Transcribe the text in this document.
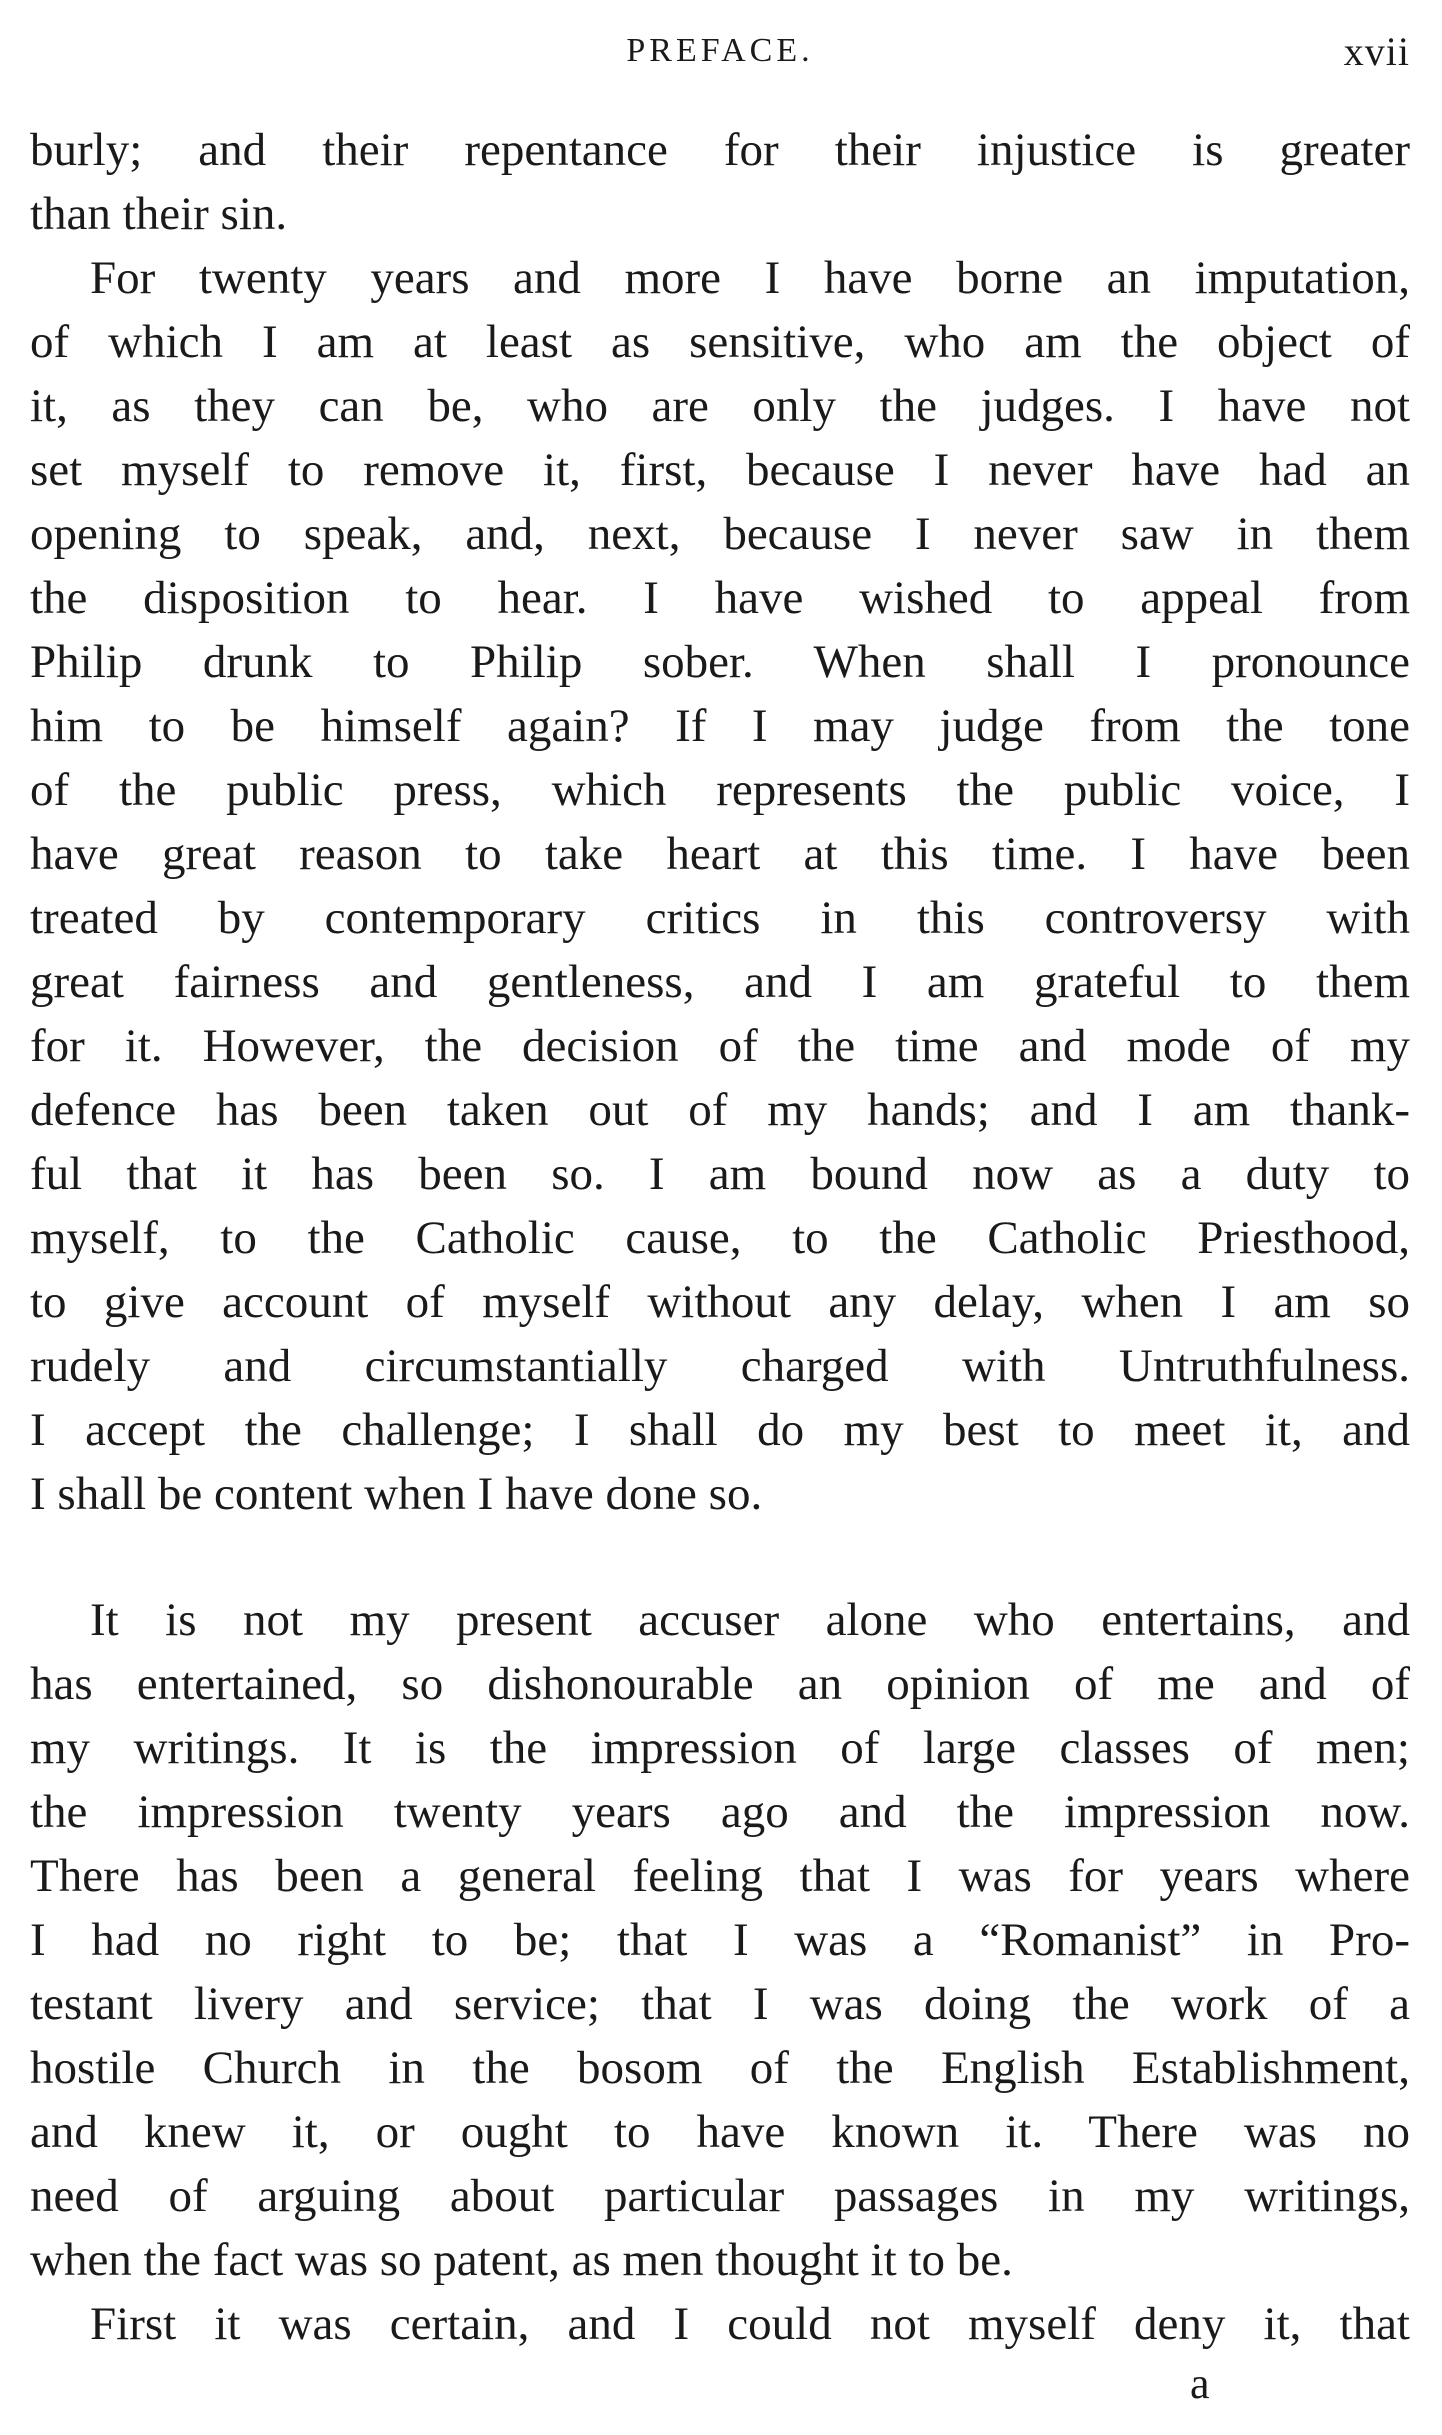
PREFACE.	xvii
burly; and their repentance for their injustice is greater
than their sin.
For twenty years and more I have borne an imputation,
of which I am at least as sensitive, who am the object of
it, as they can be, who are only the judges. I have not
set myself to remove it, first, because I never have had an
opening to speak, and, next, because I never saw in them
the disposition to hear. I have wished to appeal from
Philip drunk to Philip sober. When shall I pronounce
him to be himself again? If I may judge from the tone
of the public press, which represents the public voice, I
have great reason to take heart at this time. I have been
treated by contemporary critics in this controversy with
great fairness and gentleness, and I am grateful to them
for it. However, the decision of the time and mode of my
defence has been taken out of my hands; and I am thank-
ful that it has been so. I am bound now as a duty to
myself, to the Catholic cause, to the Catholic Priesthood,
to give account of myself without any delay, when I am so
rudely and circumstantially charged with Untruthfulness.
I accept the challenge; I shall do my best to meet it, and
I shall be content when I have done so.
It is not my present accuser alone who entertains, and
has entertained, so dishonourable an opinion of me and of
my writings. It is the impression of large classes of men;
the impression twenty years ago and the impression now.
There has been a general feeling that I was for years where
I had no right to be; that I was a “Romanist” in Pro-
testant livery and service; that I was doing the work of a
hostile Church in the bosom of the English Establishment,
and knew it, or ought to have known it. There was no
need of arguing about particular passages in my writings,
when the fact was so patent, as men thought it to be.
First it was certain, and I could not myself deny it, that
a
